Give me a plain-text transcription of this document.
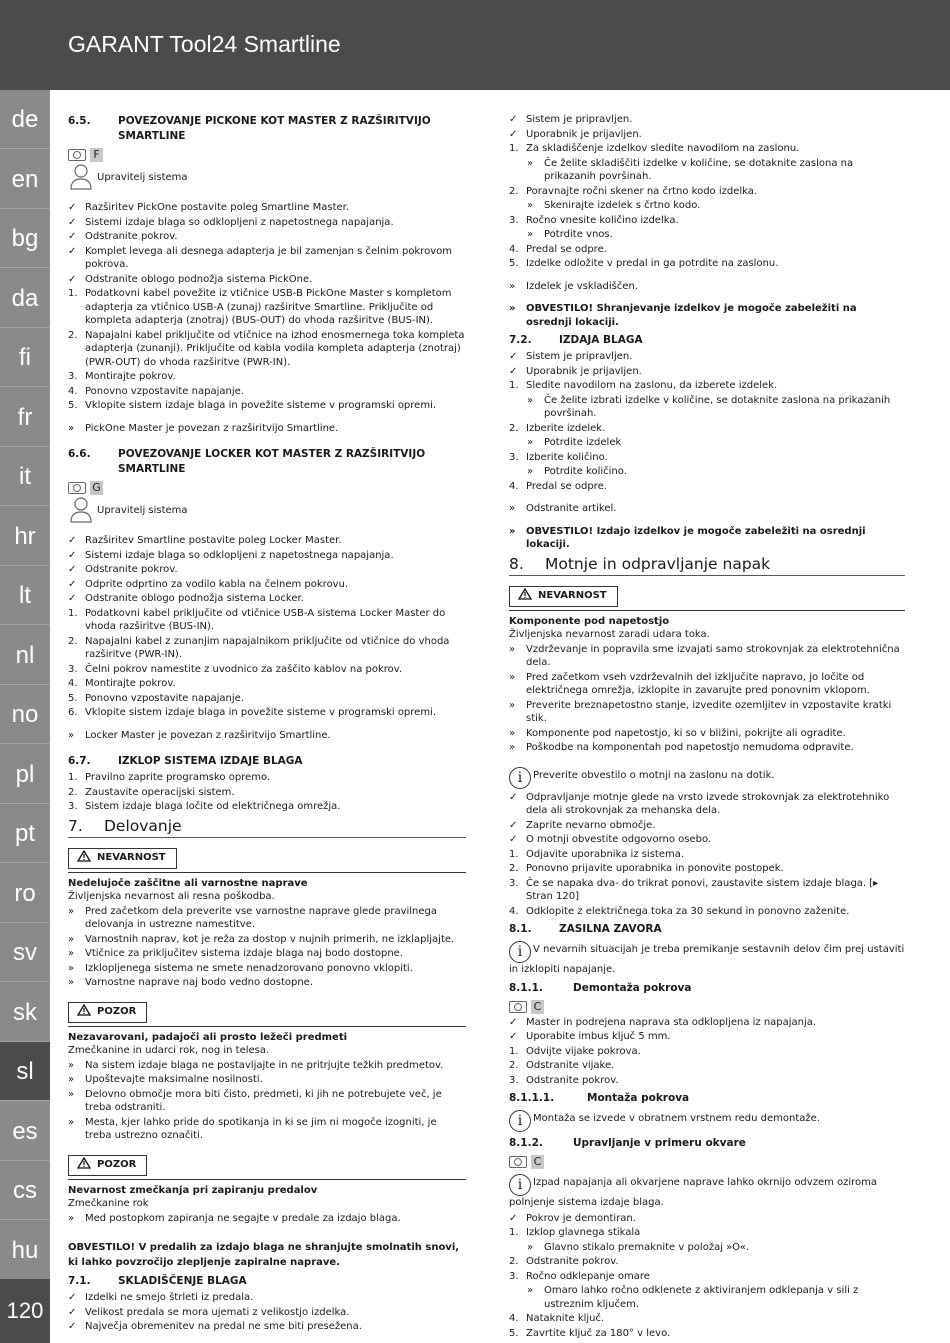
GARANT Tool24 Smartline
de
en
bg
da
fi
fr
it
hr
lt
nl
no
pl
pt
ro
sv
sk
sl
es
cs
hu
120
6.5.	POVEZOVANJE PICKONE KOT MASTER Z RAZŠIRITVIJO SMARTLINE
F
Upravitelj sistema
✓ Razširitev PickOne postavite poleg Smartline Master.
✓ Sistemi izdaje blaga so odklopljeni z napetostnega napajanja.
✓ Odstranite pokrov.
✓ Komplet levega ali desnega adapterja je bil zamenjan s čelnim pokrovom pokrova.
✓ Odstranite oblogo podnožja sistema PickOne.
1. Podatkovni kabel povežite iz vtičnice USB-B PickOne Master s kompletom adapterja za vtičnico USB-A (zunaj) razširitve Smartline. Priključite od kompleta adapterja (znotraj) (BUS-OUT) do vhoda razširitve (BUS-IN).
2. Napajalni kabel priključite od vtičnice na izhod enosmernega toka kompleta adapterja (zunanji). Priključite od kabla vodila kompleta adapterja (znotraj) (PWR-OUT) do vhoda razširitve (PWR-IN).
3. Montirajte pokrov.
4. Ponovno vzpostavite napajanje.
5. Vklopite sistem izdaje blaga in povežite sisteme v programski opremi.
»	PickOne Master je povezan z razširitvijo Smartline.
6.6.	POVEZOVANJE LOCKER KOT MASTER Z RAZŠIRITVIJO SMARTLINE
G
Upravitelj sistema
✓ Razširitev Smartline postavite poleg Locker Master.
✓ Sistemi izdaje blaga so odklopljeni z napetostnega napajanja.
✓ Odstranite pokrov.
✓ Odprite odprtino za vodilo kabla na čelnem pokrovu.
✓ Odstranite oblogo podnožja sistema Locker.
1. Podatkovni kabel priključite od vtičnice USB-A sistema Locker Master do vhoda razširitve (BUS-IN).
2. Napajalni kabel z zunanjim napajalnikom priključite od vtičnice do vhoda razširitve (PWR-IN).
3. Čelni pokrov namestite z uvodnico za zaščito kablov na pokrov.
4. Montirajte pokrov.
5. Ponovno vzpostavite napajanje.
6. Vklopite sistem izdaje blaga in povežite sisteme v programski opremi.
»	Locker Master je povezan z razširitvijo Smartline.
6.7.	IZKLOP SISTEMA IZDAJE BLAGA
1. Pravilno zaprite programsko opremo.
2. Zaustavite operacijski sistem.
3. Sistem izdaje blaga ločite od električnega omrežja.
7.	Delovanje
NEVARNOST
Nedelujoče zaščitne ali varnostne naprave
Življenjska nevarnost ali resna poškodba.
»	Pred začetkom dela preverite vse varnostne naprave glede pravilnega delovanja in ustrezne namestitve.
»	Varnostnih naprav, kot je reža za dostop v nujnih primerih, ne izklapljajte.
»	Vtičnice za priključitev sistema izdaje blaga naj bodo dostopne.
»	Izklopljenega sistema ne smete nenadzorovano ponovno vklopiti.
»	Varnostne naprave naj bodo vedno dostopne.
POZOR
Nezavarovani, padajoči ali prosto ležeči predmeti
Zmečkanine in udarci rok, nog in telesa.
»	Na sistem izdaje blaga ne postavljajte in ne pritrjujte težkih predmetov.
»	Upoštevajte maksimalne nosilnosti.
»	Delovno območje mora biti čisto, predmeti, ki jih ne potrebujete več, je treba odstraniti.
»	Mesta, kjer lahko pride do spotikanja in ki se jim ni mogoče izogniti, je treba ustrezno označiti.
POZOR
Nevarnost zmečkanja pri zapiranju predalov
Zmečkanine rok
»	Med postopkom zapiranja ne segajte v predale za izdajo blaga.
OBVESTILO! V predalih za izdajo blaga ne shranjujte smolnatih snovi, ki lahko povzročijo zlepljenje zapiralne naprave.
7.1.	SKLADIŠČENJE BLAGA
✓ Izdelki ne smejo štrleti iz predala.
✓ Velikost predala se mora ujemati z velikostjo izdelka.
✓ Največja obremenitev na predal ne sme biti presežena.
✓ Sistem je pripravljen.
✓ Uporabnik je prijavljen.
1. Za skladiščenje izdelkov sledite navodilom na zaslonu.
»	Če želite skladiščiti izdelke v količine, se dotaknite zaslona na prikazanih površinah.
2. Poravnajte ročni skener na črtno kodo izdelka.
»	Skenirajte izdelek s črtno kodo.
3. Ročno vnesite količino izdelka.
»	Potrdite vnos.
4. Predal se odpre.
5. Izdelke odložite v predal in ga potrdite na zaslonu.
»	Izdelek je vskladiščen.
»	OBVESTILO! Shranjevanje izdelkov je mogoče zabeležiti na osrednji lokaciji.
7.2.	IZDAJA BLAGA
✓ Sistem je pripravljen.
✓ Uporabnik je prijavljen.
1. Sledite navodilom na zaslonu, da izberete izdelek.
»	Če želite izbrati izdelke v količine, se dotaknite zaslona na prikazanih površinah.
2. Izberite izdelek.
»	Potrdite izdelek
3. Izberite količino.
»	Potrdite količino.
4. Predal se odpre.
»	Odstranite artikel.
»	OBVESTILO! Izdajo izdelkov je mogoče zabeležiti na osrednji lokaciji.
8.	Motnje in odpravljanje napak
NEVARNOST
Komponente pod napetostjo
Življenjska nevarnost zaradi udara toka.
»	Vzdrževanje in popravila sme izvajati samo strokovnjak za elektrotehnična dela.
»	Pred začetkom vseh vzdrževalnih del izključite napravo, jo ločite od električnega omrežja, izklopite in zavarujte pred ponovnim vklopom.
»	Preverite breznapetostno stanje, izvedite ozemljitev in vzpostavite kratki stik.
»	Komponente pod napetostjo, ki so v bližini, pokrijte ali ogradite.
»	Poškodbe na komponentah pod napetostjo nemudoma odpravite.
i Preverite obvestilo o motnji na zaslonu na dotik.
✓ Odpravljanje motnje glede na vrsto izvede strokovnjak za elektrotehniko dela ali strokovnjak za mehanska dela.
✓ Zaprite nevarno območje.
✓ O motnji obvestite odgovorno osebo.
1. Odjavite uporabnika iz sistema.
2. Ponovno prijavite uporabnika in ponovite postopek.
3. Če se napaka dva- do trikrat ponovi, zaustavite sistem izdaje blaga. [▸ Stran 120]
4. Odklopite z električnega toka za 30 sekund in ponovno zaženite.
8.1.	ZASILNA ZAVORA
i V nevarnih situacijah je treba premikanje sestavnih delov čim prej ustaviti in izklopiti napajanje.
8.1.1.	Demontaža pokrova
C
✓ Master in podrejena naprava sta odklopljena iz napajanja.
✓ Uporabite imbus ključ 5 mm.
1. Odvijte vijake pokrova.
2. Odstranite vijake.
3. Odstranite pokrov.
8.1.1.1.	Montaža pokrova
i Montaža se izvede v obratnem vrstnem redu demontaže.
8.1.2.	Upravljanje v primeru okvare
C
i Izpad napajanja ali okvarjene naprave lahko okrnijo odvzem oziroma polnjenje sistema izdaje blaga.
✓ Pokrov je demontiran.
1. Izklop glavnega stikala
»	Glavno stikalo premaknite v položaj »O«.
2. Odstranite pokrov.
3. Ročno odklepanje omare
»	Omaro lahko ročno odklenete z aktiviranjem odklepanja v sili z ustreznim ključem.
4. Nataknite ključ.
5. Zavrtite ključ za 180° v levo.
